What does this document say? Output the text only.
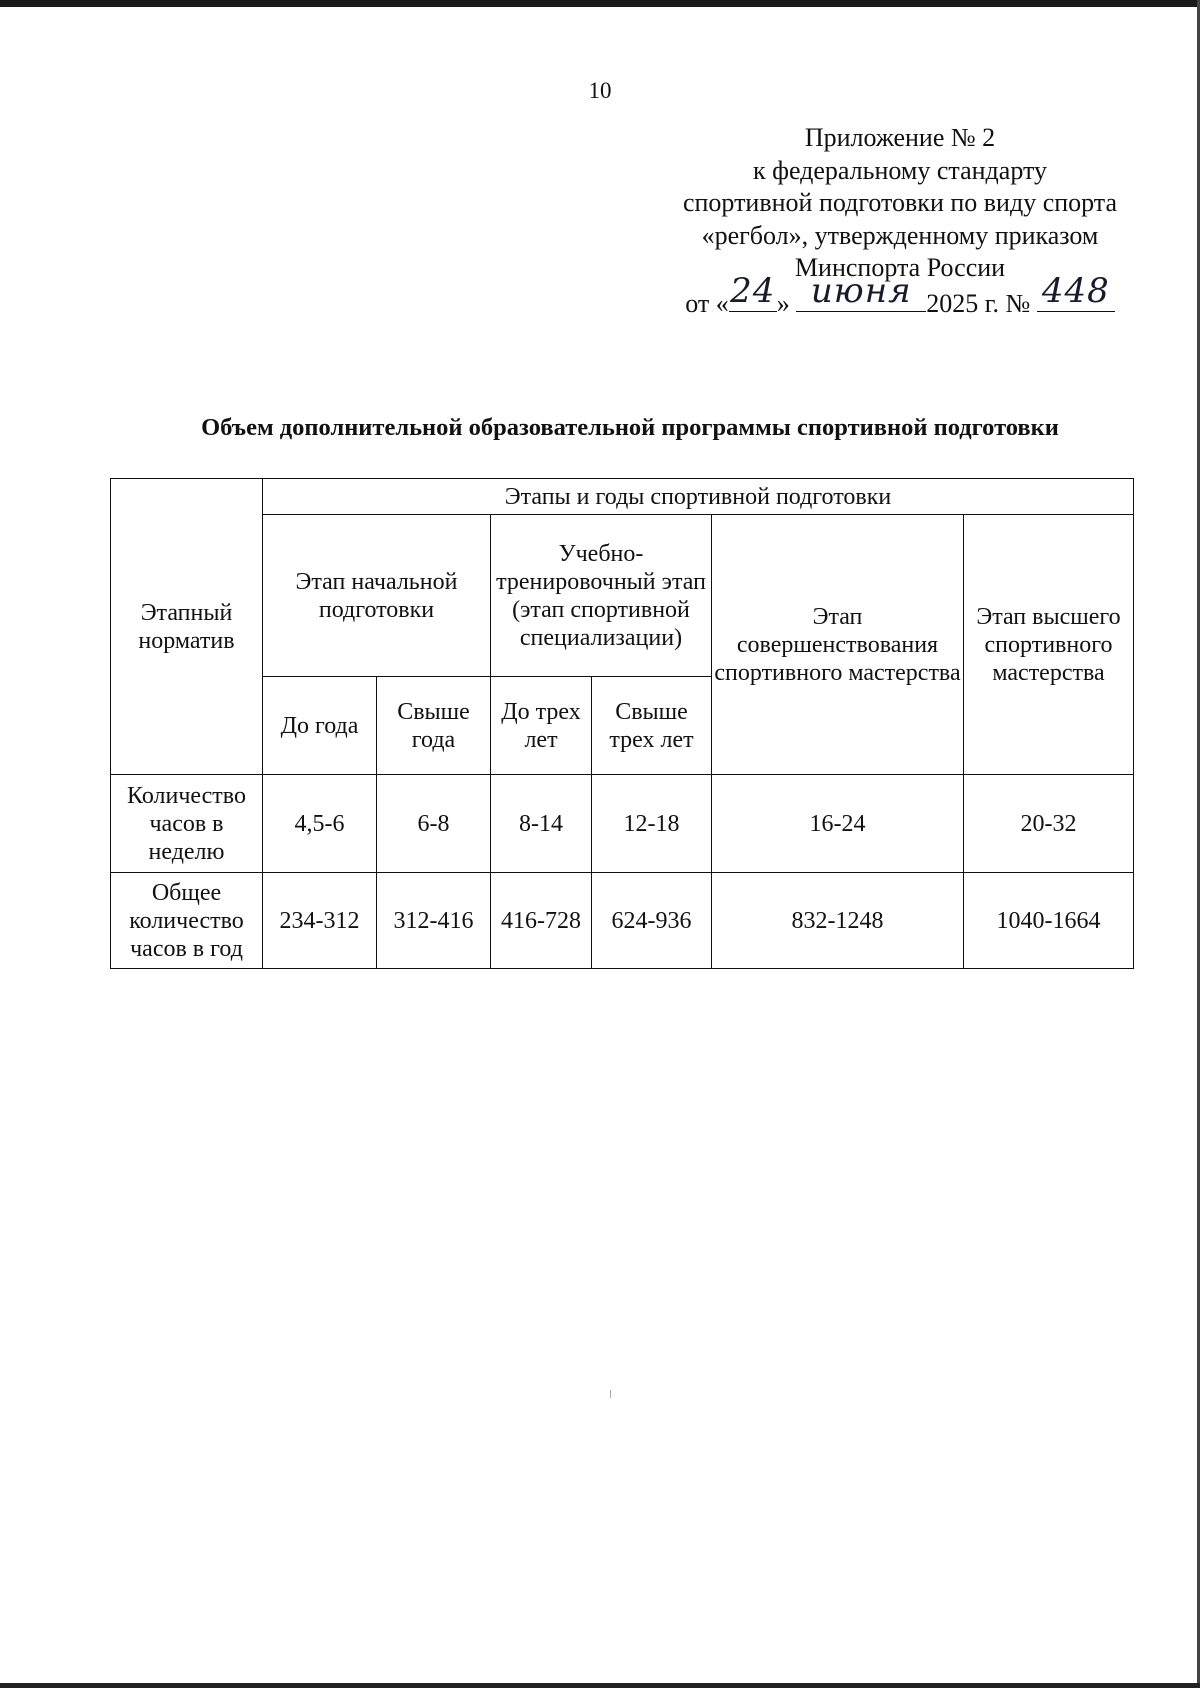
10
Приложение № 2
к федеральному стандарту
спортивной подготовки по виду спорта
«регбол», утвержденному приказом
Минспорта России
от « 24 » июня 2025 г. № 448
Объем дополнительной образовательной программы спортивной подготовки
Этапный норматив	Этапы и годы спортивной подготовки					
	Этап начальной подготовки		Учебно-тренировочный этап (этап спортивной специализации)		Этап совершенствования спортивного мастерства	Этап высшего спортивного мастерства
	До года	Свыше года	До трех лет	Свыше трех лет		
Количество часов в неделю	4,5-6	6-8	8-14	12-18	16-24	20-32
Общее количество часов в год	234-312	312-416	416-728	624-936	832-1248	1040-1664
